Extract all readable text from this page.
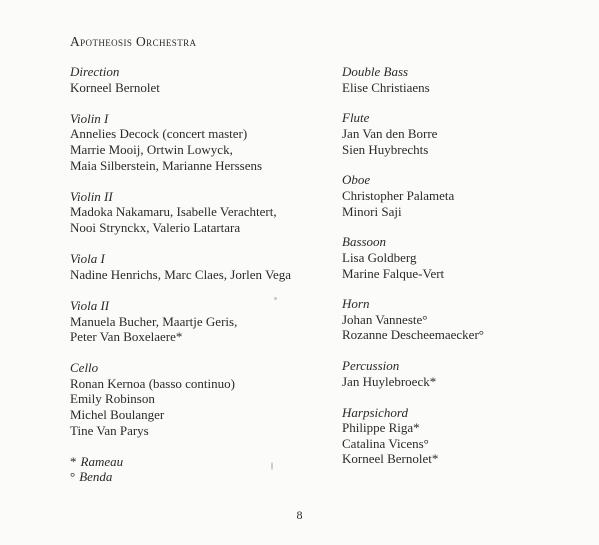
Apotheosis Orchestra
Direction
Korneel Bernolet
Violin I
Annelies Decock (concert master)
Marrie Mooij, Ortwin Lowyck,
Maia Silberstein, Marianne Herssens
Violin II
Madoka Nakamaru, Isabelle Verachtert,
Nooi Strynckx, Valerio Latartara
Viola I
Nadine Henrichs, Marc Claes, Jorlen Vega
Viola II
Manuela Bucher, Maartje Geris,
Peter Van Boxelaere*
Cello
Ronan Kernoa (basso continuo)
Emily Robinson
Michel Boulanger
Tine Van Parys
* Rameau
° Benda
Double Bass
Elise Christiaens
Flute
Jan Van den Borre
Sien Huybrechts
Oboe
Christopher Palameta
Minori Saji
Bassoon
Lisa Goldberg
Marine Falque-Vert
Horn
Johan Vanneste°
Rozanne Descheemaecker°
Percussion
Jan Huylebroeck*
Harpsichord
Philippe Riga*
Catalina Vicens°
Korneel Bernolet*
8
